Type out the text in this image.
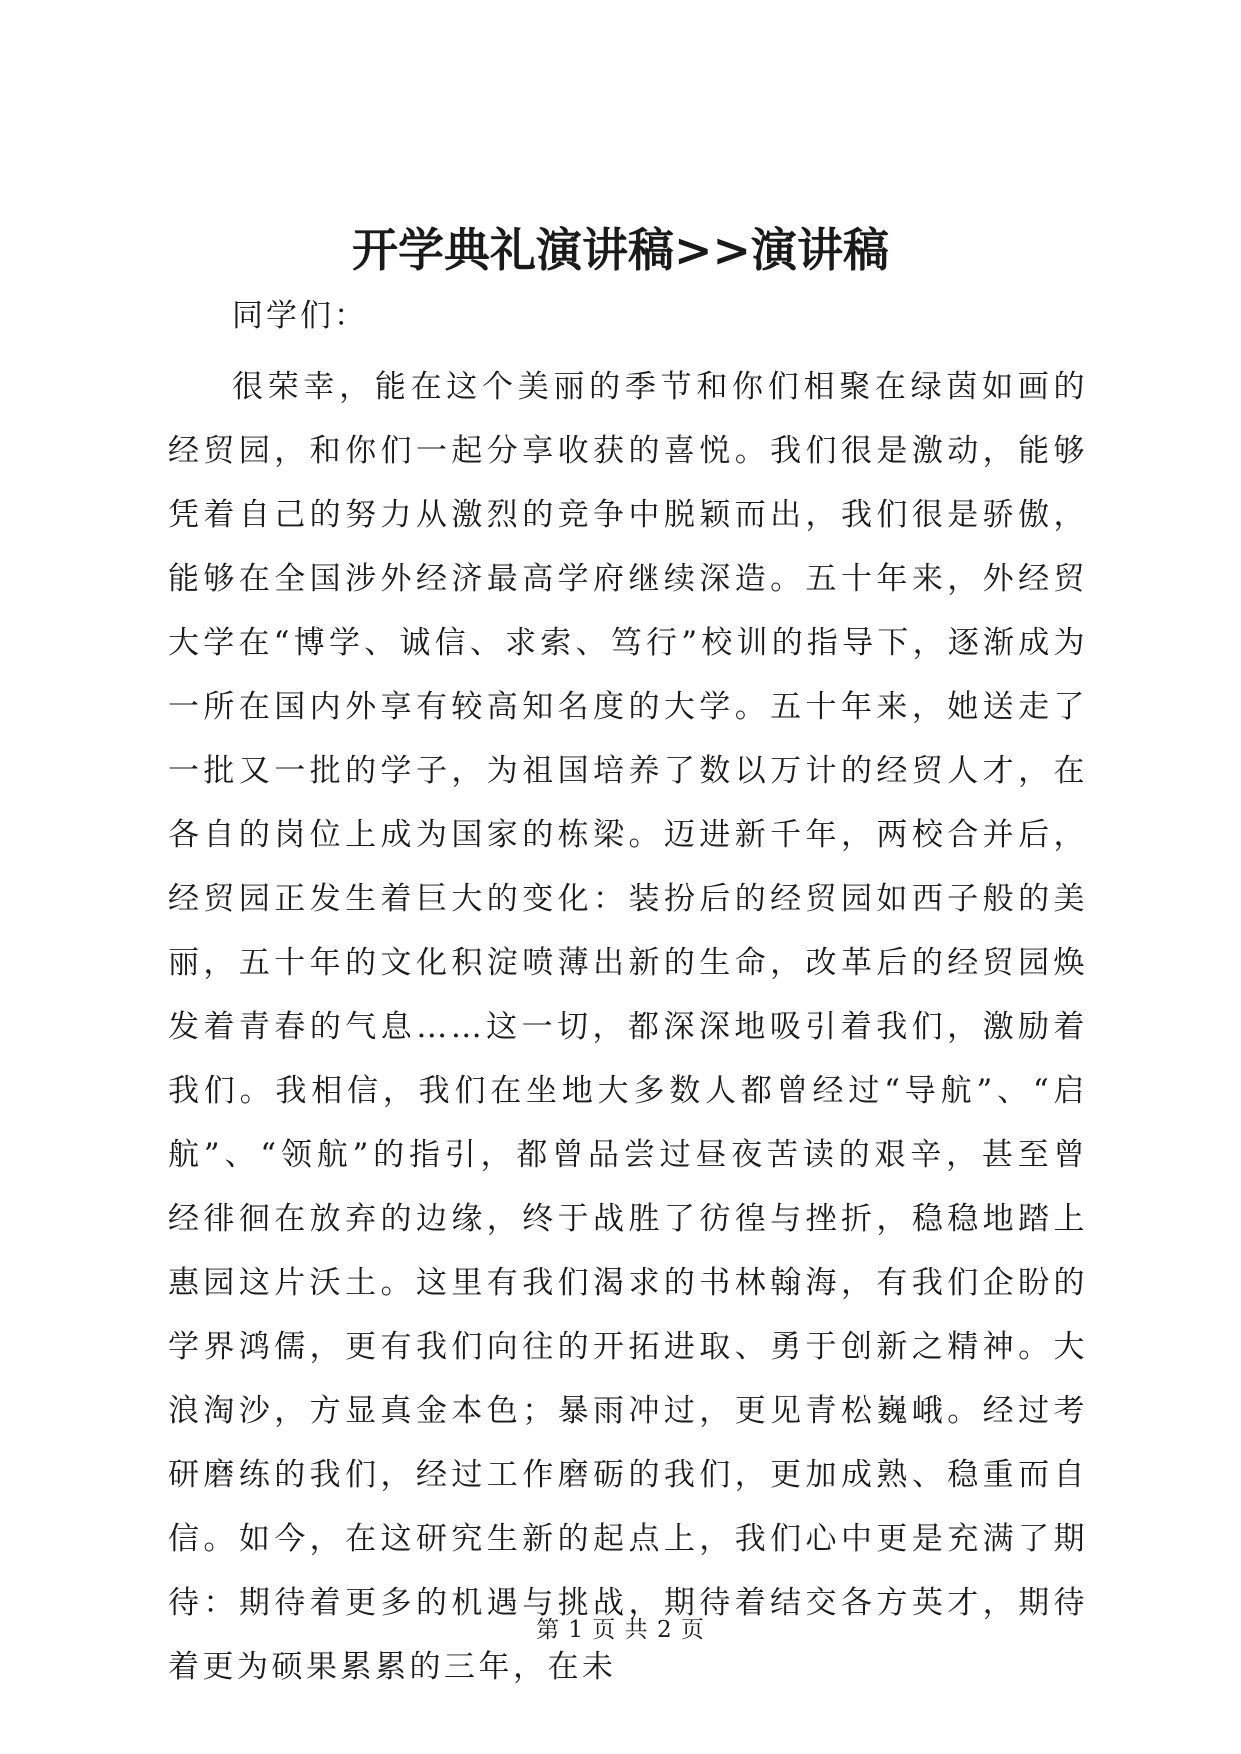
开学典礼演讲稿>>演讲稿
同学们：

很荣幸，能在这个美丽的季节和你们相聚在绿茵如画的经贸园，和你们一起分享收获的喜悦。我们很是激动，能够凭着自己的努力从激烈的竞争中脱颖而出，我们很是骄傲，能够在全国涉外经济最高学府继续深造。五十年来，外经贸大学在“博学、诚信、求索、笃行”校训的指导下，逐渐成为一所在国内外享有较高知名度的大学。五十年来，她送走了一批又一批的学子，为祖国培养了数以万计的经贸人才，在各自的岗位上成为国家的栋梁。迈进新千年，两校合并后，经贸园正发生着巨大的变化：装扮后的经贸园如西子般的美丽，五十年的文化积淀喷薄出新的生命，改革后的经贸园焕发着青春的气息……这一切，都深深地吸引着我们，激励着我们。我相信，我们在坐地大多数人都曾经过“导航”、“启航”、“领航”的指引，都曾品尝过昼夜苦读的艰辛，甚至曾经徘徊在放弃的边缘，终于战胜了彷徨与挫折，稳稳地踏上惠园这片沃土。这里有我们渴求的书林翰海，有我们企盼的学界鸿儒，更有我们向往的开拓进取、勇于创新之精神。大浪淘沙，方显真金本色；暴雨冲过，更见青松巍峨。经过考研磨练的我们，经过工作磨砺的我们，更加成熟、稳重而自信。如今，在这研究生新的起点上，我们心中更是充满了期待：期待着更多的机遇与挑战，期待着结交各方英才，期待着更为硕果累累的三年，在未

第 1 页 共 2 页
